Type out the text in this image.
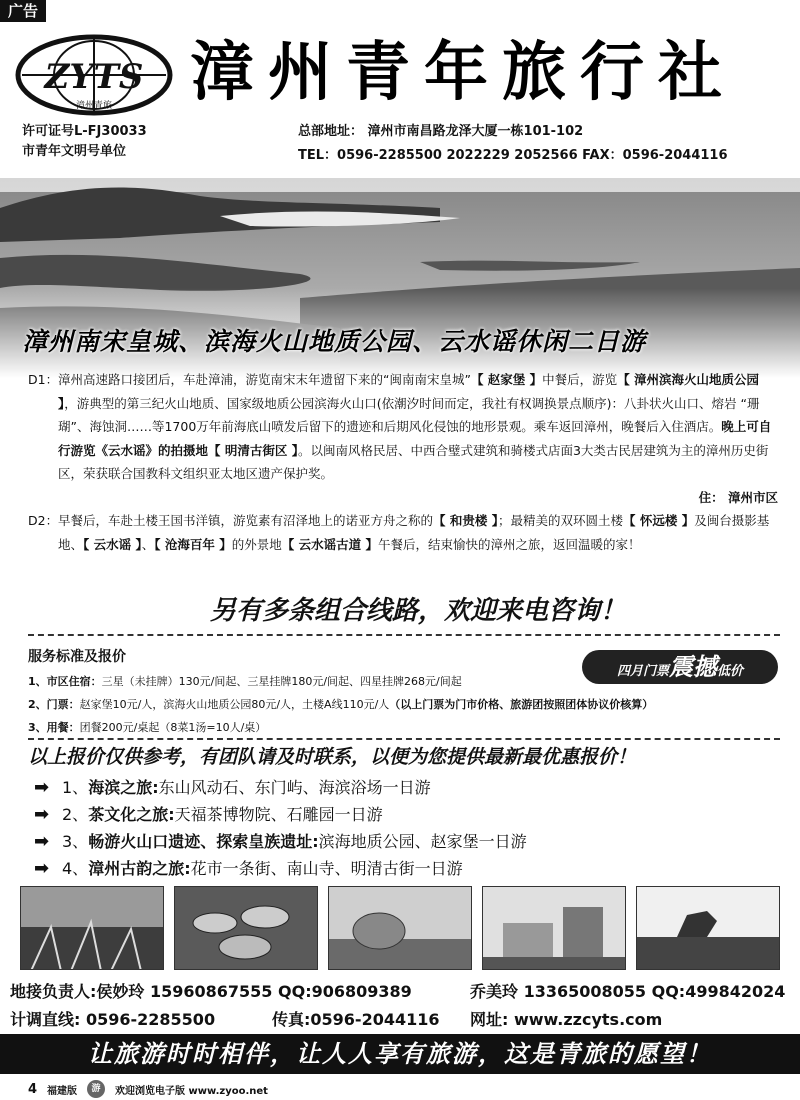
广告
ZYTS
漳州青旅 漳州青年旅行社
许可证号L-FJ30033
市青年文明号单位
总部地址： 漳州市南昌路龙泽大厦一栋101-102
TEL：0596-2285500 2022229 2052566 FAX：0596-2044116
漳州南宋皇城、滨海火山地质公园、云水谣休闲二日游
D1： 漳州高速路口接团后，车赴漳浦，游览南宋末年遗留下来的“闽南南宋皇城”【 赵家堡 】中餐后，游览【 漳州滨海火山地质公园 】，游典型的第三纪火山地质、国家级地质公园滨海火山口(依潮汐时间而定，我社有权调换景点顺序)：八卦状火山口、熔岩 “珊瑚”、海蚀洞……等1700万年前海底山喷发后留下的遗迹和后期风化侵蚀的地形景观。乘车返回漳州，晚餐后入住酒店。晚上可自行游览《云水谣》的拍摄地【 明清古街区 】。以闽南风格民居、中西合璧式建筑和骑楼式店面3大类古民居建筑为主的漳州历史街区，荣获联合国教科文组织亚太地区遗产保护奖。
住： 漳州市区
D2： 早餐后，车赴土楼王国书洋镇，游览素有沼泽地上的诺亚方舟之称的【 和贵楼 】；最精美的双环圆土楼【 怀远楼 】及闽台摄影基地、【 云水谣 】、【 沧海百年 】的外景地【 云水谣古道 】午餐后，结束愉快的漳州之旅，返回温暖的家！
另有多条组合线路，欢迎来电咨询！
服务标准及报价
四月门票震撼低价
1、市区住宿：三星（未挂牌）130元/间起、三星挂牌180元/间起、四星挂牌268元/间起
2、门票：赵家堡10元/人，滨海火山地质公园80元/人，土楼A线110元/人（以上门票为门市价格、旅游团按照团体协议价核算）
3、用餐：团餐200元/桌起（8菜1汤=10人/桌）
以上报价仅供参考，有团队请及时联系，以便为您提供最新最优惠报价！
➡ 1、 海滨之旅: 东山风动石、东门屿、海滨浴场一日游
➡ 2、 茶文化之旅: 天福茶博物院、石雕园一日游
➡ 3、 畅游火山口遗迹、探索皇族遗址: 滨海地质公园、赵家堡一日游
➡ 4、 漳州古韵之旅: 花市一条街、南山寺、明清古街一日游
地接负责人:侯妙玲 15960867555 QQ:906809389	乔美玲 13365008055 QQ:499842024
计调直线: 0596-2285500	传真:0596-2044116 网址: www.zzcyts.com
让旅游时时相伴，让人人享有旅游，这是青旅的愿望！
4 福建版	游	欢迎浏览电子版 www.zyoo.net
